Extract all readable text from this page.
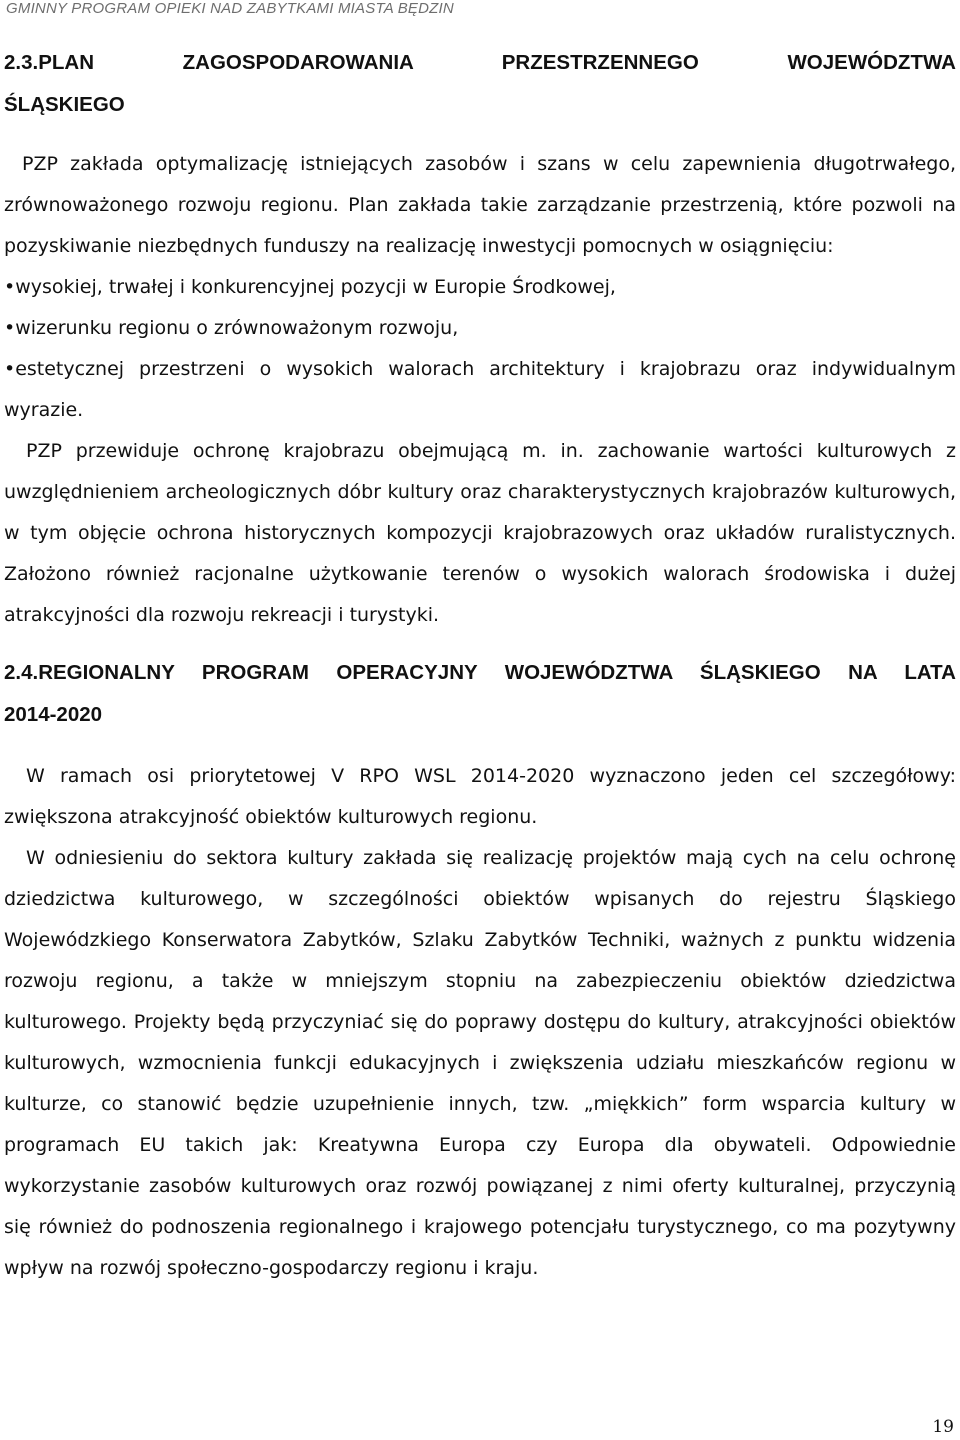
GMINNY PROGRAM OPIEKI NAD ZABYTKAMI MIASTA BĘDZIN
2.3.PLAN ZAGOSPODAROWANIA PRZESTRZENNEGO WOJEWÓDZTWA
ŚLĄSKIEGO

PZP zakłada optymalizację istniejących zasobów i szans w celu zapewnienia długotrwałego, zrównoważonego rozwoju regionu. Plan zakłada takie zarządzanie przestrzenią, które pozwoli na pozyskiwanie niezbędnych funduszy na realizację inwestycji pomocnych w osiągnięciu:

•wysokiej, trwałej i konkurencyjnej pozycji w Europie Środkowej,

•wizerunku regionu o zrównoważonym rozwoju,

•estetycznej przestrzeni o wysokich walorach architektury i krajobrazu oraz indywidualnym wyrazie.

PZP przewiduje ochronę krajobrazu obejmującą m. in. zachowanie wartości kulturowych z uwzględnieniem archeologicznych dóbr kultury oraz charakterystycznych krajobrazów kulturowych, w tym objęcie ochrona historycznych kompozycji krajobrazowych oraz układów ruralistycznych. Założono również racjonalne użytkowanie terenów o wysokich walorach środowiska i dużej atrakcyjności dla rozwoju rekreacji i turystyki.

2.4.REGIONALNY PROGRAM OPERACYJNY WOJEWÓDZTWA ŚLĄSKIEGO NA LATA
2014-2020

W ramach osi priorytetowej V RPO WSL 2014-2020 wyznaczono jeden cel szczegółowy: zwiększona atrakcyjność obiektów kulturowych regionu.

W odniesieniu do sektora kultury zakłada się realizację projektów mają cych na celu ochronę dziedzictwa kulturowego, w szczególności obiektów wpisanych do rejestru Śląskiego Wojewódzkiego Konserwatora Zabytków, Szlaku Zabytków Techniki, ważnych z punktu widzenia rozwoju regionu, a także w mniejszym stopniu na zabezpieczeniu obiektów dziedzictwa kulturowego. Projekty będą przyczyniać się do poprawy dostępu do kultury, atrakcyjności obiektów kulturowych, wzmocnienia funkcji edukacyjnych i zwiększenia udziału mieszkańców regionu w kulturze, co stanowić będzie uzupełnienie innych, tzw. „miękkich” form wsparcia kultury w programach EU takich jak: Kreatywna Europa czy Europa dla obywateli. Odpowiednie wykorzystanie zasobów kulturowych oraz rozwój powiązanej z nimi oferty kulturalnej, przyczynią się również do podnoszenia regionalnego i krajowego potencjału turystycznego, co ma pozytywny wpływ na rozwój społeczno-gospodarczy regionu i kraju.

19
